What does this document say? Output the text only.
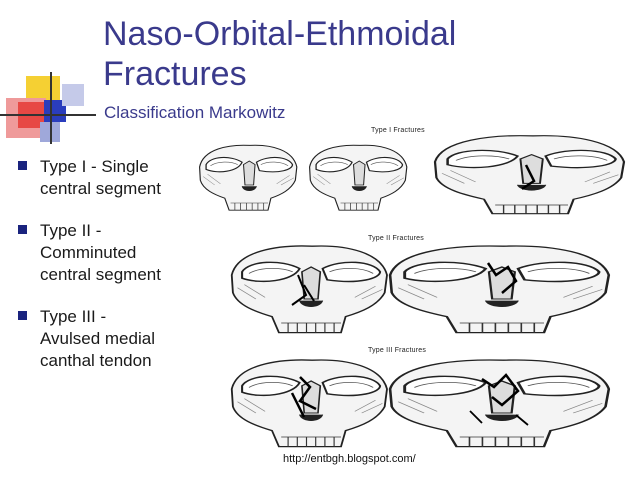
Naso-Orbital-Ethmoidal
Fractures
Classification Markowitz
Type I - Single
central segment
Type II -
Comminuted
central segment
Type III -
Avulsed medial
canthal tendon
Type I Fractures
Type II Fractures
Type III Fractures
http://entbgh.blogspot.com/
